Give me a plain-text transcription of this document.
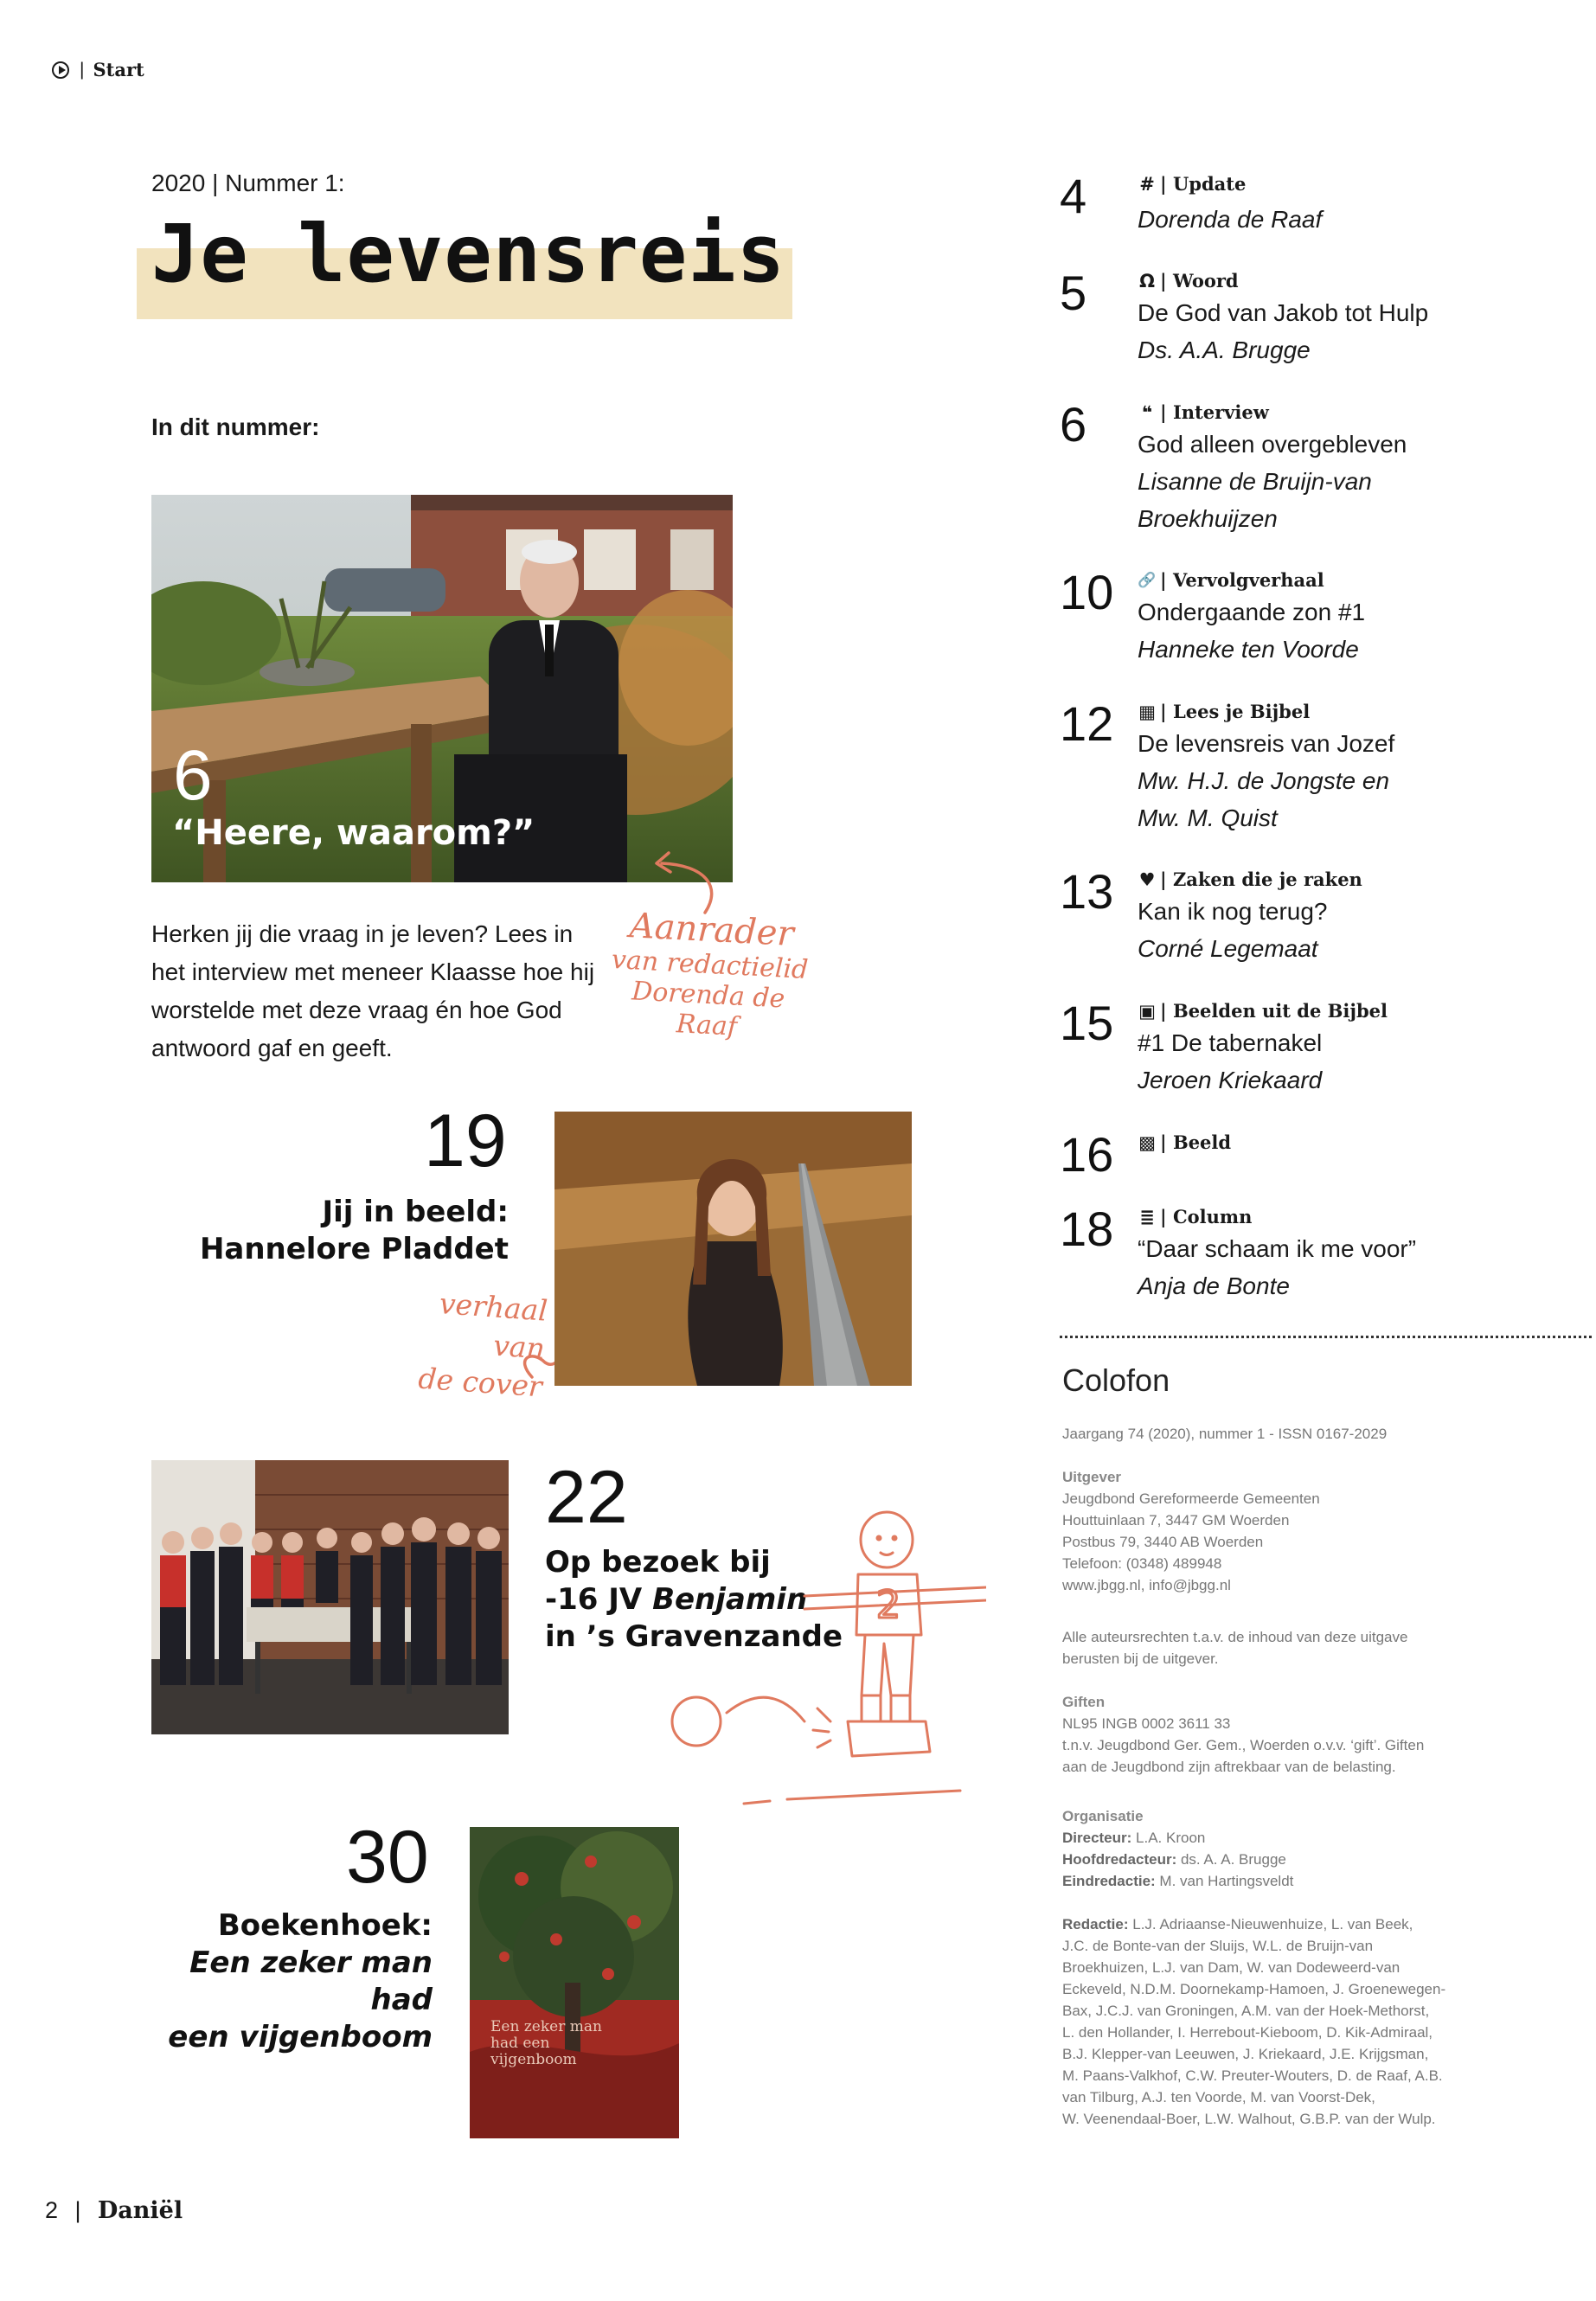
| Start
2020 | Nummer 1:
Je levensreis
In dit nummer:
6
“Heere, waarom?”
Herken jij die vraag in je leven? Lees in het interview met meneer Klaasse hoe hij worstelde met deze vraag én hoe God antwoord gaf en geeft.
Aanrader
van redactielid
Dorenda de Raaf
19
Jij in beeld:
Hannelore Pladdet
verhaal van
de cover
22
Op bezoek bij
-16 JV Benjamin
in ’s Gravenzande
2
30
Boekenhoek:
Een zeker man had
een vijgenboom	Een zeker man had een vijgenboom
4	# | Update
Dorenda de Raaf
5	Ω | Woord
De God van Jakob tot Hulp
Ds. A.A. Brugge
6	❝ | Interview
God alleen overgebleven
Lisanne de Bruijn-van
Broekhuijzen
10 🔗 | Vervolgverhaal
Ondergaande zon #1
Hanneke ten Voorde
12 ▦ | Lees je Bijbel
De levensreis van Jozef
Mw. H.J. de Jongste en
Mw. M. Quist
13 ♥ | Zaken die je raken
Kan ik nog terug?
Corné Legemaat
15 ▣ | Beelden uit de Bijbel
#1 De tabernakel
Jeroen Kriekaard
16 ▩ | Beeld
18 ≣ | Column
“Daar schaam ik me voor”
Anja de Bonte
Colofon
Jaargang 74 (2020), nummer 1 - ISSN 0167-2029
Uitgever
Jeugdbond Gereformeerde Gemeenten
Houttuinlaan 7, 3447 GM Woerden
Postbus 79, 3440 AB Woerden
Telefoon: (0348) 489948
www.jbgg.nl, info@jbgg.nl
Alle auteursrechten t.a.v. de inhoud van deze uitgave
berusten bij de uitgever.
Giften
NL95 INGB 0002 3611 33
t.n.v. Jeugdbond Ger. Gem., Woerden o.v.v. ‘gift’. Giften
aan de Jeugdbond zijn aftrekbaar van de belasting.
Organisatie
Directeur: L.A. Kroon
Hoofdredacteur: ds. A. A. Brugge
Eindredactie: M. van Hartingsveldt
Redactie: L.J. Adriaanse-Nieuwenhuize, L. van Beek,
J.C. de Bonte-van der Sluijs, W.L. de Bruijn-van
Broekhuizen, L.J. van Dam, W. van Dodeweerd-van
Eckeveld, N.D.M. Doornekamp-Hamoen, J. Groenewegen-
Bax, J.C.J. van Groningen, A.M. van der Hoek-Methorst,
L. den Hollander, I. Herrebout-Kieboom, D. Kik-Admiraal,
B.J. Klepper-van Leeuwen, J. Kriekaard, J.E. Krijgsman,
M. Paans-Valkhof, C.W. Preuter-Wouters, D. de Raaf, A.B.
van Tilburg, A.J. ten Voorde, M. van Voorst-Dek,
W. Veenendaal-Boer, L.W. Walhout, G.B.P. van der Wulp.
2 | Daniël
